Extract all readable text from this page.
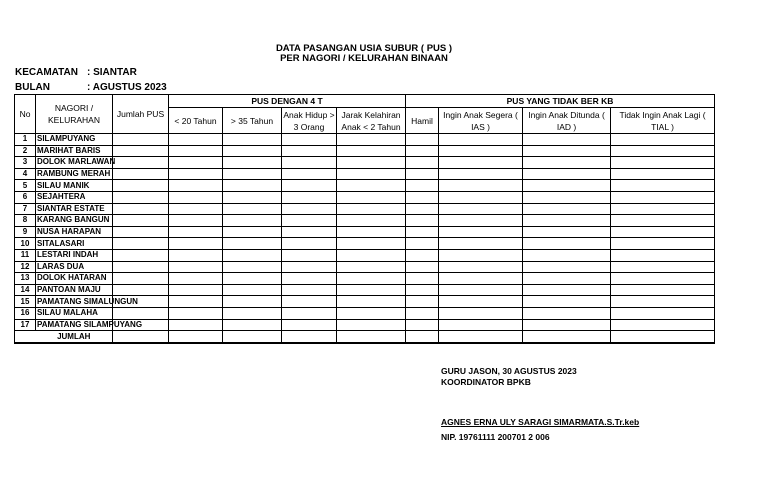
DATA PASANGAN USIA SUBUR ( PUS )
PER NAGORI / KELURAHAN BINAAN
KECAMATAN : SIANTAR
BULAN	: AGUSTUS 2023
No	NAGORI / KELURAHAN	Jumlah PUS	PUS DENGAN 4 T				PUS YANG TIDAK BER KB			
			< 20 Tahun	> 35 Tahun	Anak Hidup > 3 Orang	Jarak Kelahiran Anak < 2 Tahun	Hamil	Ingin Anak Segera ( IAS )	Ingin Anak Ditunda ( IAD )	Tidak Ingin Anak Lagi ( TIAL )
1	SILAMPUYANG									
2	MARIHAT BARIS									
3	DOLOK MARLAWAN									
4	RAMBUNG MERAH									
5	SILAU MANIK									
6	SEJAHTERA									
7	SIANTAR ESTATE									
8	KARANG BANGUN									
9	NUSA HARAPAN									
10	SITALASARI									
11	LESTARI INDAH									
12	LARAS DUA									
13	DOLOK HATARAN									
14	PANTOAN MAJU									
15	PAMATANG SIMALUNGUN									
16	SILAU MALAHA									
17	PAMATANG SILAMPUYANG									
	JUMLAH									
GURU JASON, 30 AGUSTUS 2023
KOORDINATOR BPKB
AGNES ERNA ULY SARAGI SIMARMATA.S.Tr.keb
NIP. 19761111 200701 2 006
